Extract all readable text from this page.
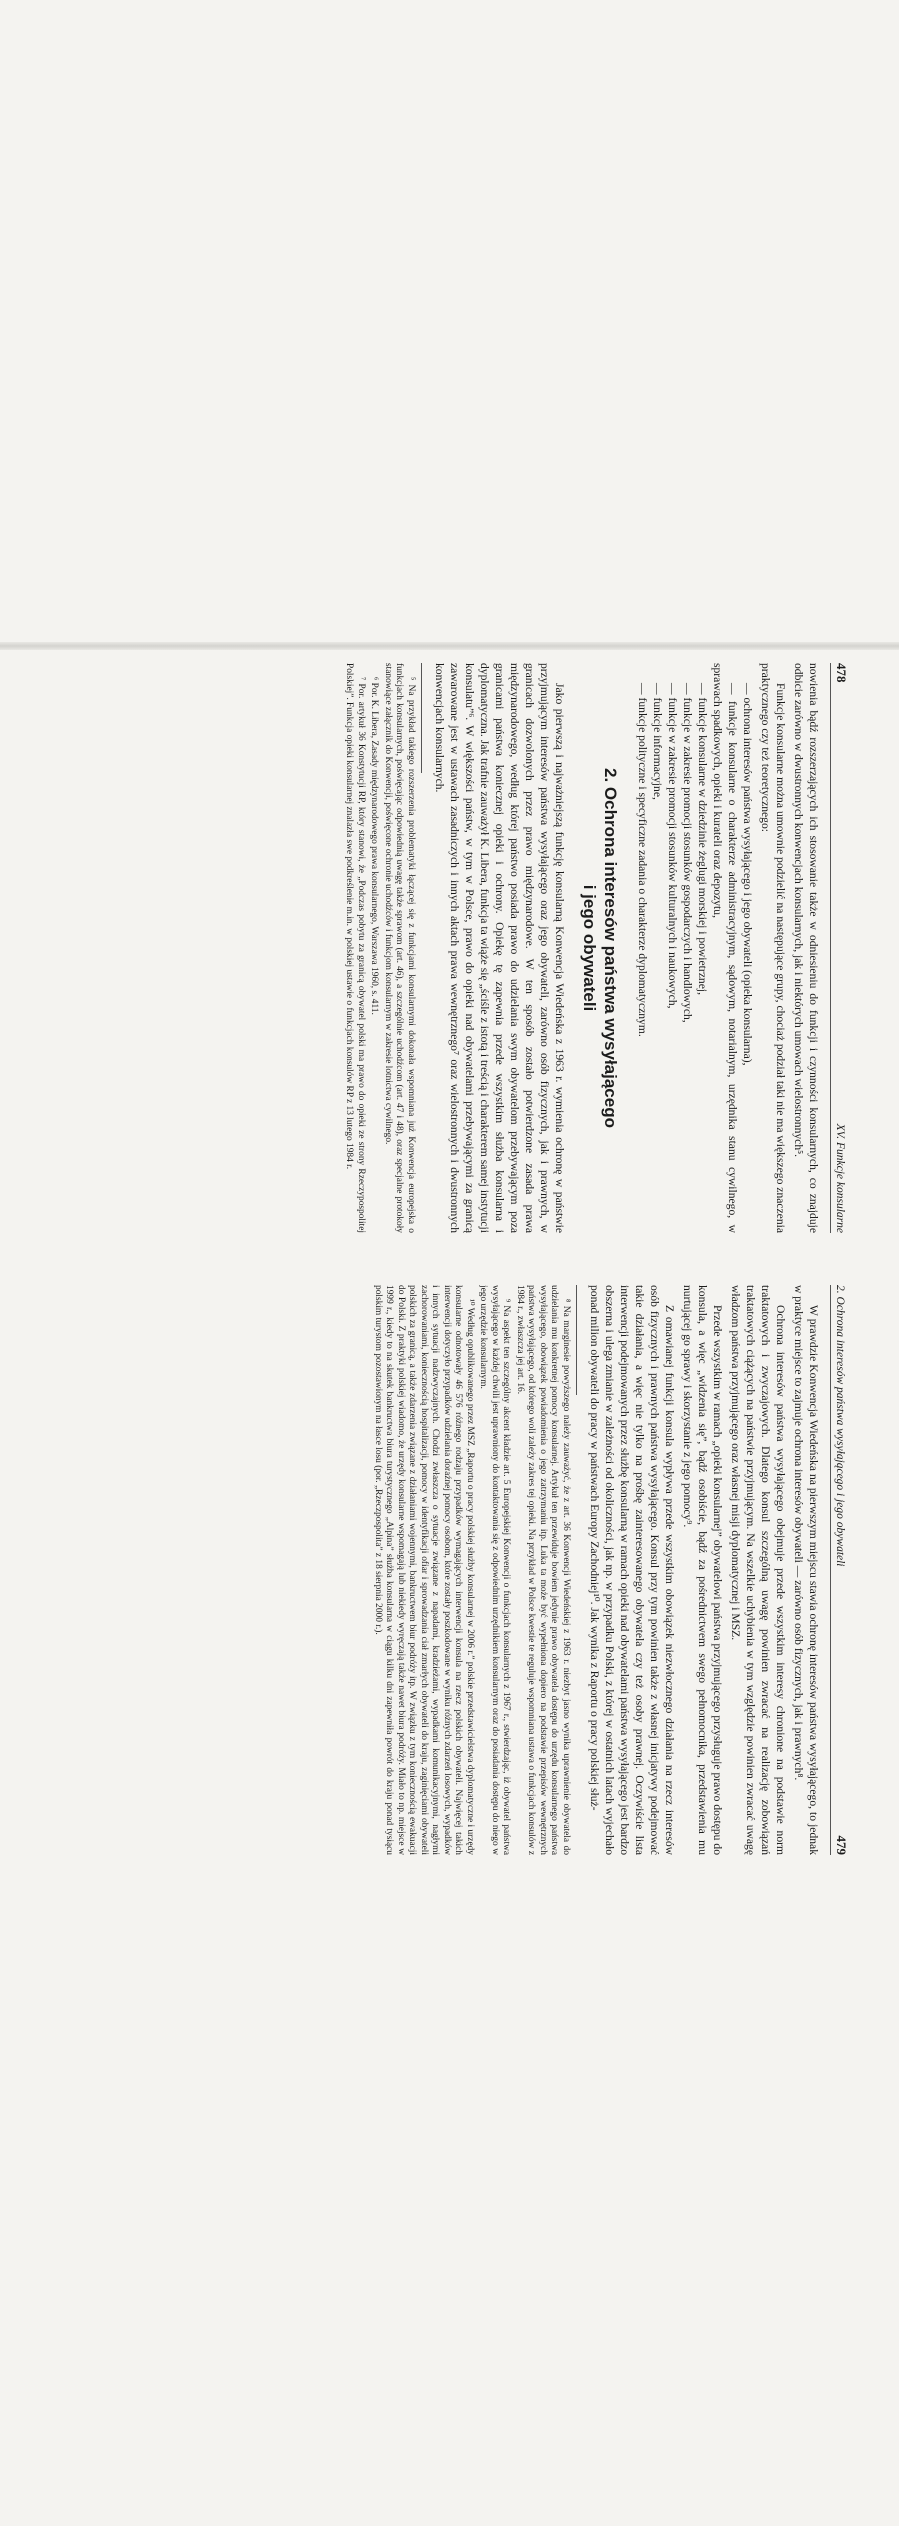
478
XV. Funkcje konsularne

nowienia bądź rozszerzających ich stosowanie także w odniesieniu do funkcji i czynności konsularnych, co znajduje odbicie zarówno w dwustronnych konwencjach konsularnych, jak i niektórych umowach wielostronnych⁵.

Funkcje konsularne można umownie podzielić na następujące grupy, chociaż podział taki nie ma większego znaczenia praktycznego czy też teoretycznego:

— ochrona interesów państwa wysyłającego i jego obywateli (opieka konsularna),
— funkcje konsularne o charakterze administracyjnym, sądowym, notarialnym, urzędnika stanu cywilnego, w sprawach spadkowych, opieki i kurateli oraz depozytu,
— funkcje konsularne w dziedzinie żeglugi morskiej i powietrznej,
— funkcje w zakresie promocji stosunków gospodarczych i handlowych,
— funkcje w zakresie promocji stosunków kulturalnych i naukowych,
— funkcje informacyjne,
— funkcje polityczne i specyficzne zadania o charakterze dyplomatycznym.
2. Ochrona interesów państwa wysyłającego
i jego obywateli

Jako pierwszą i najważniejszą funkcję konsularną Konwencja Wiedeńska z 1963 r. wymienia ochronę w państwie przyjmującym interesów państwa wysyłającego oraz jego obywateli, zarówno osób fizycznych, jak i prawnych, w granicach dozwolonych przez prawo międzynarodowe. W ten sposób zostało potwierdzone zasada prawa międzynarodowego, według której państwo posiada prawo do udzielania swym obywatelom przebywającym poza granicami państwa koniecznej opieki i ochrony. Opiekę tę zapewnia przede wszystkim służba konsularna i dyplomatyczna. Jak trafnie zauważył K. Libera, funkcja ta wiąże się „ściśle z istotą i treścią i charakterem samej instytucji konsulatu”⁶. W większości państw, w tym w Polsce, prawo do opieki nad obywatelami przebywającymi za granicą zawarowane jest w ustawach zasadniczych i innych aktach prawa wewnętrznego⁷ oraz wielostronnych i dwustronnych konwencjach konsularnych.

⁵ Na przykład takiego rozszerzenia problematyki łączącej się z funkcjami konsularnymi dokonała wspomniana już Konwencja europejska o funkcjach konsularnych, poświęcając odpowiednią uwagę także sprawom (art. 46), a szczególnie uchodźcom (art. 47 i 48), oraz specjalne protokoły stanowiące załącznik do Konwencji, poświęcone ochronie uchodźców i funkcjom konsularnym w zakresie lotnictwa cywilnego.

⁶ Por. K. Libera, Zasady międzynarodowego prawa konsularnego, Warszawa 1960, s. 411.

⁷ Por. artykuł 36 Konstytucji RP, który stanowi, że „Podczas pobytu za granicą obywatel polski ma prawo do opieki ze strony Rzeczypospolitej Polskiej”. Funkcja opieki konsularnej znalazła swe podkreślenie m.in. w polskiej ustawie o funkcjach konsulów RP z 13 lutego 1984 r.

2. Ochrona interesów państwa wysyłającego i jego obywateli
479

W prawdzie Konwencja Wiedeńska na pierwszym miejscu stawia ochronę interesów państwa wysyłającego, to jednak w praktyce miejsce to zajmuje ochrona interesów obywateli — zarówno osób fizycznych, jak i prawnych⁸.

Ochrona interesów państwa wysyłającego obejmuje przede wszystkim interesy chronione na podstawie norm traktatowych i zwyczajowych. Dlatego konsul szczególną uwagę powinien zwracać na realizację zobowiązań traktatowych ciążących na państwie przyjmującym. Na wszelkie uchybienia w tym względzie powinien zwracać uwagę władzom państwa przyjmującego oraz własnej misji dyplomatycznej i MSZ.

Przede wszystkim w ramach „opieki konsularnej” obywatelowi państwa przyjmującego przysługuje prawo dostępu do konsula, a więc „widzenia się”, bądź osobiście, bądź za pośrednictwem swego pełnomocnika, przedstawienia mu nurtującej go sprawy i skorzystanie z jego pomocy⁹.

Z omawianej funkcji konsula wypływa przede wszystkim obowiązek niezwłocznego działania na rzecz interesów osób fizycznych i prawnych państwa wysyłającego. Konsul przy tym powinien także z własnej inicjatywy podejmować takie działania, a więc nie tylko na prośbę zainteresowanego obywatela czy też osoby prawnej. Oczywiście lista interwencji podejmowanych przez służbę konsularną w ramach opieki nad obywatelami państwa wysyłającego jest bardzo obszerna i ulega zmianie w zależności od okoliczności, jak np. w przypadku Polski, z której w ostatnich latach wyjechało ponad milion obywateli do pracy w państwach Europy Zachodniej¹⁰. Jak wynika z Raportu o pracy polskiej służ-

⁸ Na marginesie powyższego należy zauważyć, że z art. 36 Konwencji Wiedeńskiej z 1963 r. niezbyt jasno wynika uprawnienie obywatela do udzielania mu konkretnej pomocy konsularnej. Artykuł ten przewiduje bowiem jedynie prawo obywatela dostępu do urzędu konsularnego państwa wysyłającego, obowiązek powiadomienia o jego zatrzymaniu itp. Luka ta może być wypełniona dopiero na podstawie przepisów wewnętrznych państwa wysyłającego, od którego woli zależy zakres tej opieki. Na przykład w Polsce kwestie te reguluje wspomniana ustawa o funkcjach konsulów z 1984 r., zwłaszcza jej art. 16.

⁹ Na aspekt ten szczególny akcent kładzie art. 5 Europejskiej Konwencji o funkcjach konsularnych z 1967 r., stwierdzając, iż obywatel państwa wysyłającego w każdej chwili jest uprawniony do kontaktowania się z odpowiednim urzędnikiem konsularnym oraz do posiadania dostępu do niego w jego urzędzie konsularnym.

¹⁰ Według opublikowanego przez MSZ „Raportu o pracy polskiej służby konsularnej w 2006 r.” polskie przedstawicielstwa dyplomatyczne i urzędy konsularne odnotowały 46 576 różnego rodzaju przypadków wymagających interwencji konsula na rzecz polskich obywateli. Najwięcej takich interwencji dotyczyło przypadków udzielania doraźnej pomocy osobom, które zostały poszkodowane w wyniku różnych zdarzeń losowych, wypadków i innych sytuacji nadzwyczajnych. Chodzi zwłaszcza o sytuacje związane z napadami, kradzieżami, wypadkami komunikacyjnymi, nagłymi zachorowaniami, koniecznością hospitalizacji, pomocy w identyfikacji ofiar i sprowadzania ciał zmarłych obywateli do kraju, zaginięciami obywateli polskich za granicą, a także zdarzenia związane z działaniami wojennymi, bankructwem biur podróży itp. W związku z tym koniecznością ewakuacji do Polski. Z praktyki polskiej wiadomo, że urzędy konsularne wspomagają lub niekiedy wyręczają także nawet biura podróży. Miało to np. miejsce w 1999 r., kiedy to na skutek bankructwa biura turystycznego „Alpina” służba konsularna w ciągu kilku dni zapewniła powrót do kraju ponad tysiącu polskim turystom pozostawionym na łasce losu (por. „Rzeczpospolita” z 18 sierpnia 2000 r.).
